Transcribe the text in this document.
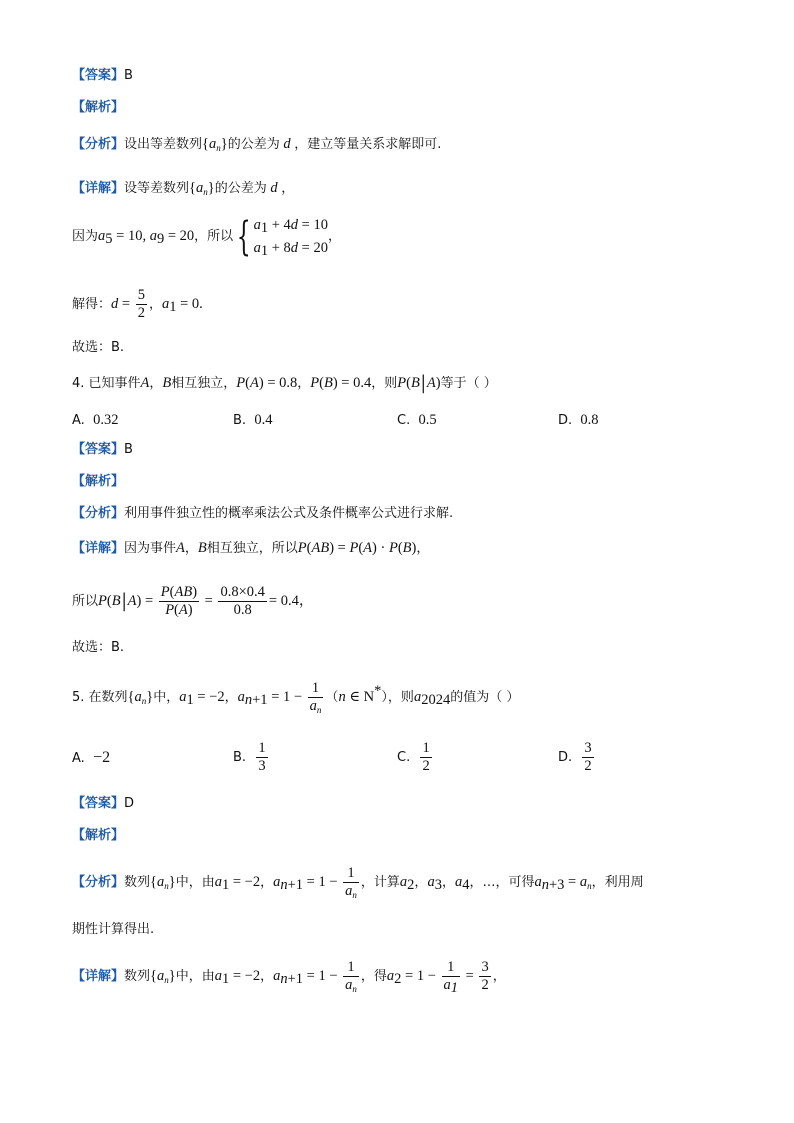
【答案】B
【解析】
【分析】设出等差数列$\{a_n\}$的公差为 d ，建立等量关系求解即可.
【详解】设等差数列$\{a_n\}$的公差为 d ，
因为$a_5 = 10$, $a_9 = 20$，所以{ $a_1 + 4d = 10$
$a_1 + 8d = 20$
，
解得：$d = \frac{5}{2}$ ，$a_1 = 0$.
故选：B.
4. 已知事件A，B相互独立，P(A) = 0.8，P(B) = 0.4，则P(B|A)等于（ ）
A. 0.32	B. 0.4	C. 0.5	D. 0.8
【答案】B
【解析】
【分析】利用事件独立性的概率乘法公式及条件概率公式进行求解.
【详解】因为事件A，B相互独立，所以P(AB) = P(A) · P(B)，
所以$P(B|A) = \frac{P(AB)}{P(A)} = \frac{0.8\times 0.4}{0.8} = 0.4$，
故选：B.
5. 在数列$\{a_n\}$中，$a_1 = -2$，$a_{n+1} = 1 - \frac{1}{a_n} (n$ ∈ N*），则$a_{2024}$的值为（ ）
A. −2	B. $\frac{1}{3}$	C. $\frac{1}{2}$	D. $\frac{3}{2}$
【答案】D
【解析】
【分析】数列$\{a_n\}$中，由$a_1 = -2$，$a_{n+1} = 1 - \frac{1}{a_n}$ ，计算$a_2$，$a_3$，$a_4$，…，可得$a_{n+3} = a_n$，利用周
期性计算得出.
【详解】数列$\{a_n\}$中，由$a_1 = -2$，$a_{n+1} = 1 - \frac{1}{a_n}$ ，得$a_2 = 1 - \frac{1}{a_1} = \frac{3}{2}$ ，
